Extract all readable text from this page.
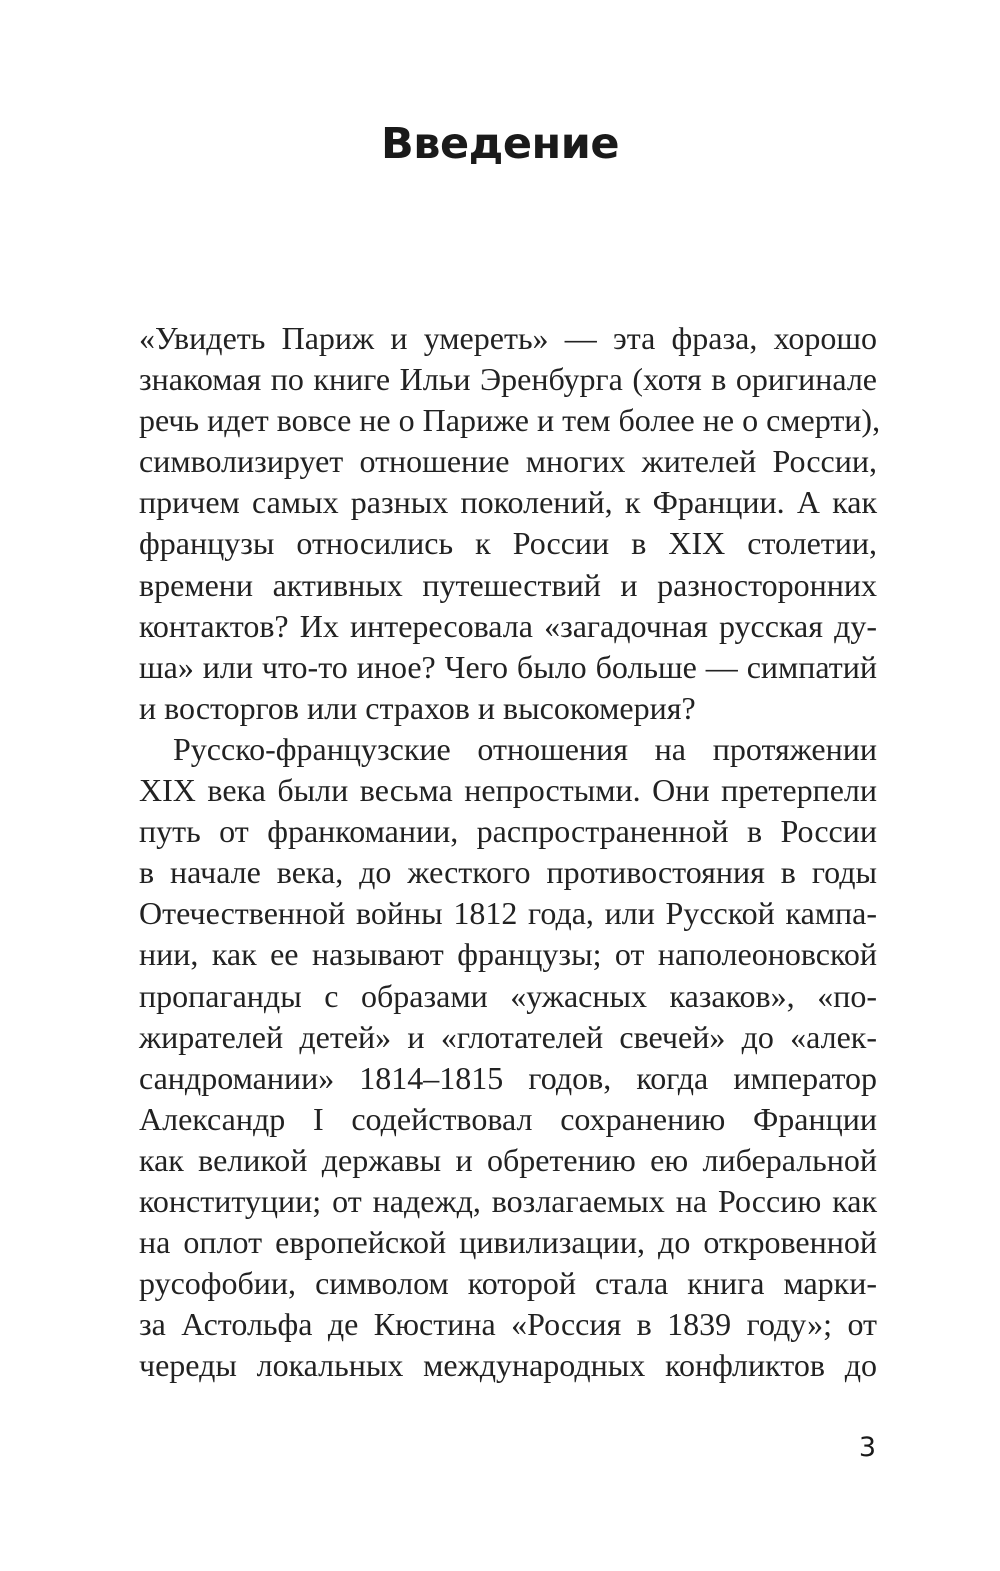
Введение

«Увидеть Париж и умереть» — эта фраза, хорошо
знакомая по книге Ильи Эренбурга (хотя в оригинале
речь идет вовсе не о Париже и тем более не о смерти),
символизирует отношение многих жителей России,
причем самых разных поколений, к Франции. А как
французы относились к России в XIX столетии,
времени активных путешествий и разносторонних
контактов? Их интересовала «загадочная русская ду-
ша» или что-то иное? Чего было больше — симпатий
и восторгов или страхов и высокомерия?

Русско-французские отношения на протяжении
XIX века были весьма непростыми. Они претерпели
путь от франкомании, распространенной в России
в начале века, до жесткого противостояния в годы
Отечественной войны 1812 года, или Русской кампа-
нии, как ее называют французы; от наполеоновской
пропаганды с образами «ужасных казаков», «по-
жирателей детей» и «глотателей свечей» до «алек-
сандромании» 1814–1815 годов, когда император
Александр I содействовал сохранению Франции
как великой державы и обретению ею либеральной
конституции; от надежд, возлагаемых на Россию как
на оплот европейской цивилизации, до откровенной
русофобии, символом которой стала книга марки-
за Астольфа де Кюстина «Россия в 1839 году»; от
череды локальных международных конфликтов до

3
